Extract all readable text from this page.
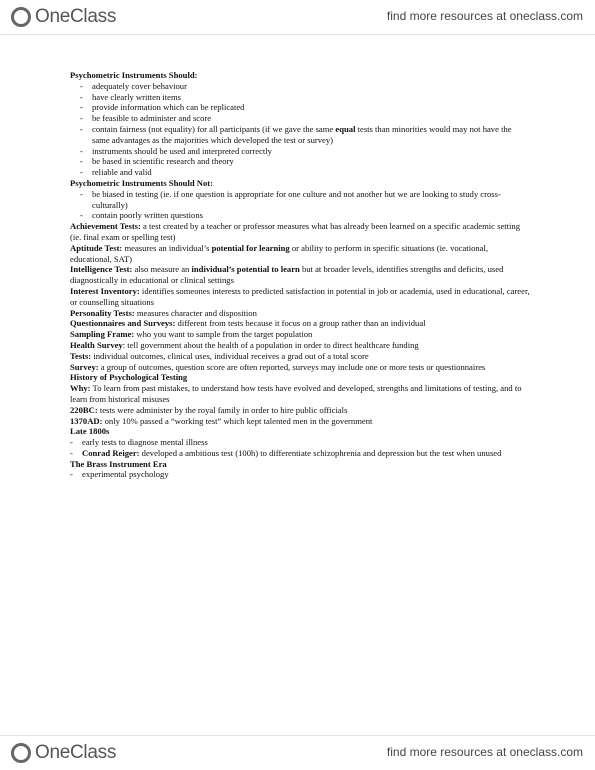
OneClass	find more resources at oneclass.com

Psychometric Instruments Should:

- adequately cover behaviour
- have clearly written items
- provide information which can be replicated
- be feasible to administer and score
- contain fairness (not equality) for all participants (if we gave the same equal tests than minorities would may not have the same advantages as the majorities which developed the test or survey)
- instruments should be used and interpreted correctly
- be based in scientific research and theory
- reliable and valid

Psychometric Instruments Should Not:

- be biased in testing (ie. if one question is appropriate for one culture and not another but we are looking to study cross-culturally)
- contain poorly written questions

Achievement Tests: a test created by a teacher or professor measures what has already been learned on a specific academic setting (ie. final exam or spelling test)

Aptitude Test: measures an individual’s potential for learning or ability to perform in specific situations (ie. vocational, educational, SAT)

Intelligence Test: also measure an individual’s potential to learn but at broader levels, identifies strengths and deficits, used diagnostically in educational or clinical settings

Interest Inventory: identifies someones interests to predicted satisfaction in potential in job or academia, used in educational, career, or counselling situations

Personality Tests: measures character and disposition

Questionnaires and Surveys: different from tests because it focus on a group rather than an individual

Sampling Frame: who you want to sample from the target population

Health Survey: tell government about the health of a population in order to direct healthcare funding

Tests: individual outcomes, clinical uses, individual receives a grad out of a total score

Survey: a group of outcomes, question score are often reported, surveys may include one or more tests or questionnaires

History of Psychological Testing

Why: To learn from past mistakes, to understand how tests have evolved and developed, strengths and limitations of testing, and to learn from historical misuses

220BC: tests were administer by the royal family in order to hire public officials

1370AD: only 10% passed a “working test” which kept talented men in the government

Late 1800s

- early tests to diagnose mental illness
- Conrad Reiger: developed a ambitious test (100h) to differentiate schizophrenia and depression but the test when unused

The Brass Instrument Era

- experimental psychology
OneClass	find more resources at oneclass.com
